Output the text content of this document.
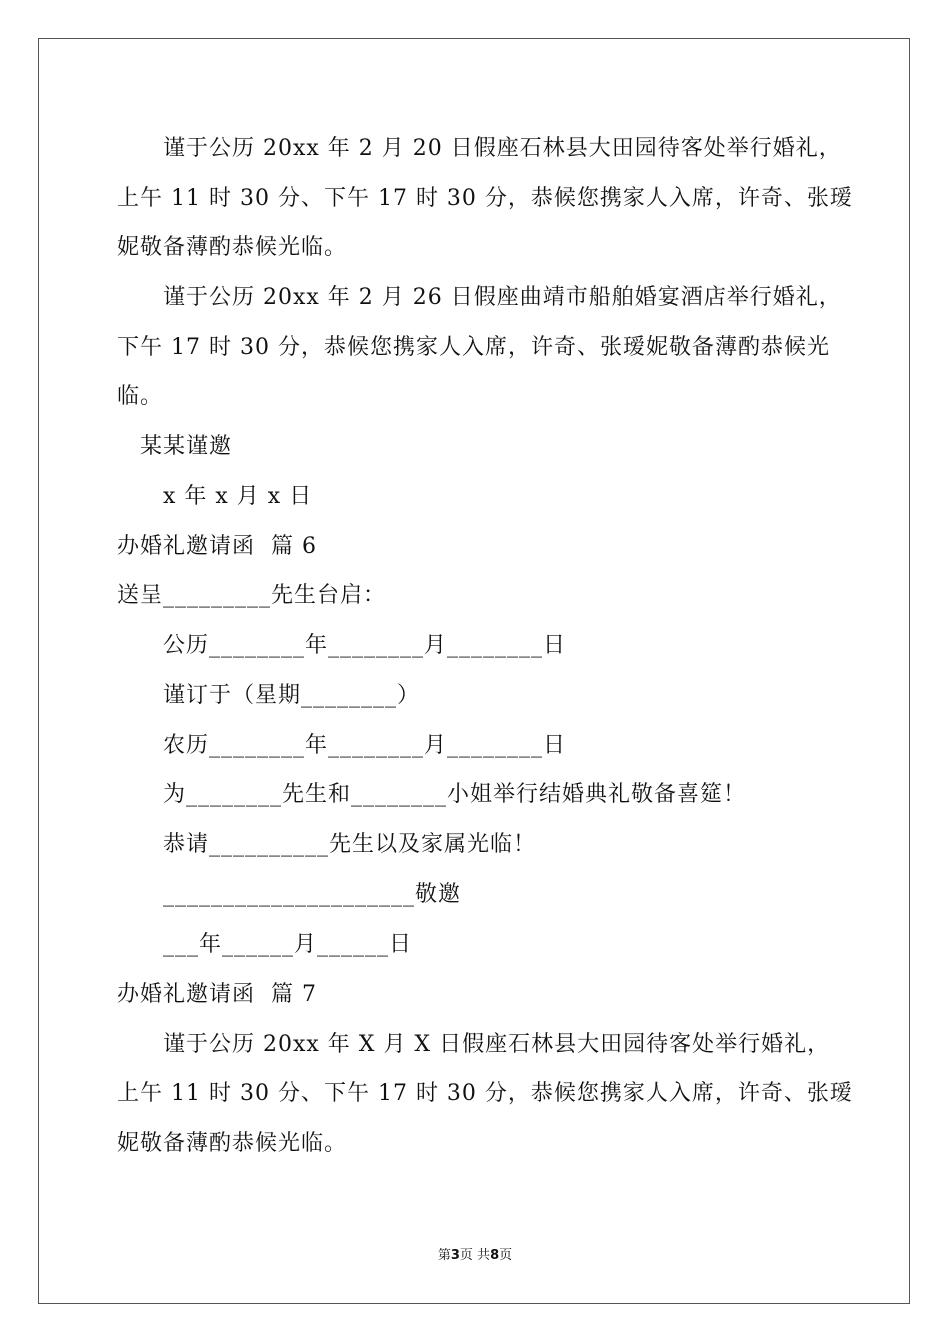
谨于公历 20xx 年 2 月 20 日假座石林县大田园待客处举行婚礼，
上午 11 时 30 分、下午 17 时 30 分，恭候您携家人入席，许奇、张瑷
妮敬备薄酌恭候光临。
谨于公历 20xx 年 2 月 26 日假座曲靖市船舶婚宴酒店举行婚礼，
下午 17 时 30 分，恭候您携家人入席，许奇、张瑷妮敬备薄酌恭候光
临。
某某谨邀
x 年 x 月 x 日
办婚礼邀请函  篇 6
送呈_________先生台启：
公历________年________月________日
谨订于（星期________）
农历________年________月________日
为________先生和________小姐举行结婚典礼敬备喜筵！
恭请__________先生以及家属光临！
_____________________敬邀
___年______月______日
办婚礼邀请函  篇 7
谨于公历 20xx 年 X 月 X 日假座石林县大田园待客处举行婚礼，
上午 11 时 30 分、下午 17 时 30 分，恭候您携家人入席，许奇、张瑷
妮敬备薄酌恭候光临。
第3页 共8页
